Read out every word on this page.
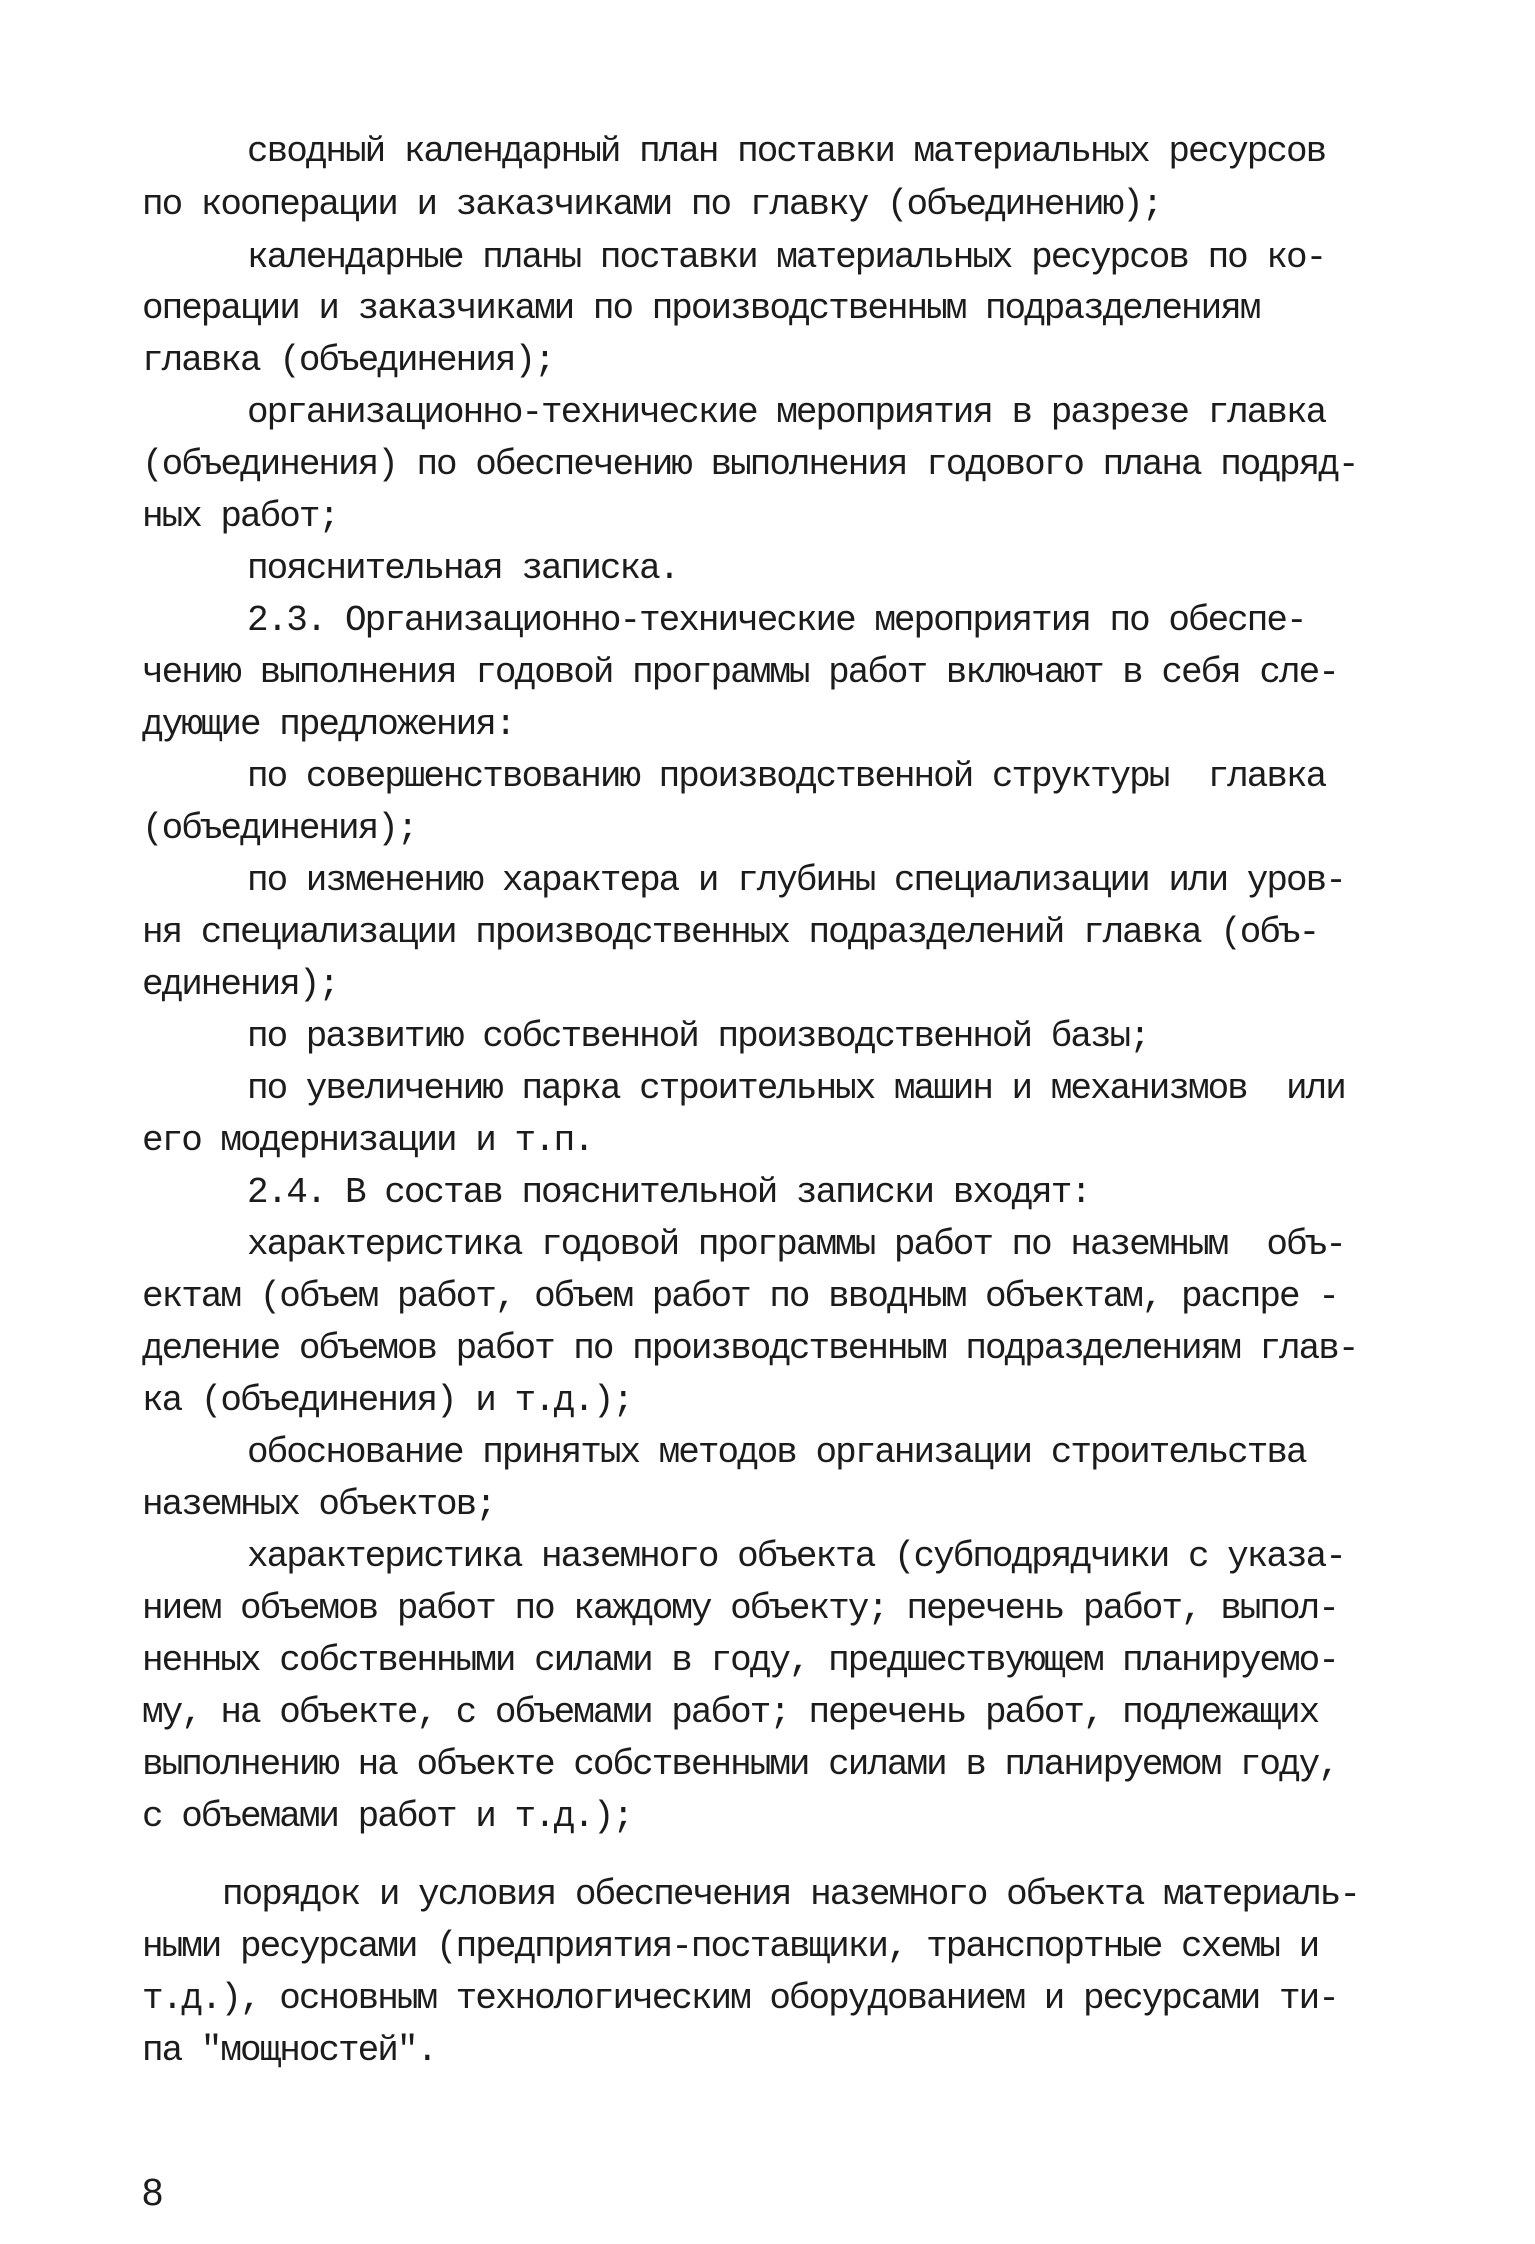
сводный календарный план поставки материальных ресурсов

по кооперации и заказчиками по главку (объединению);

календарные планы поставки материальных ресурсов по ко-

операции и заказчиками по производственным подразделениям

главка (объединения);

организационно-технические мероприятия в разрезе главка

(объединения) по обеспечению выполнения годового плана подряд-

ных работ;

пояснительная записка.

2.3. Организационно-технические мероприятия по обеспе-

чению выполнения годовой программы работ включают в себя сле-

дующие предложения:

по совершенствованию производственной структуры  главка

(объединения);

по изменению характера и глубины специализации или уров-

ня специализации производственных подразделений главка (объ-

единения);

по развитию собственной производственной базы;

по увеличению парка строительных машин и механизмов  или

его модернизации и т.п.

2.4. В состав пояснительной записки входят:

характеристика годовой программы работ по наземным  объ-

ектам (объем работ, объем работ по вводным объектам, распре -

деление объемов работ по производственным подразделениям глав-

ка (объединения) и т.д.);

обоснование принятых методов организации строительства

наземных объектов;

характеристика наземного объекта (субподрядчики с указа-

нием объемов работ по каждому объекту; перечень работ, выпол-

ненных собственными силами в году, предшествующем планируемо-

му, на объекте, с объемами работ; перечень работ, подлежащих

выполнению на объекте собственными силами в планируемом году,

с объемами работ и т.д.);

порядок и условия обеспечения наземного объекта материаль-

ными ресурсами (предприятия-поставщики, транспортные схемы и

т.д.), основным технологическим оборудованием и ресурсами ти-

па "мощностей".

8
